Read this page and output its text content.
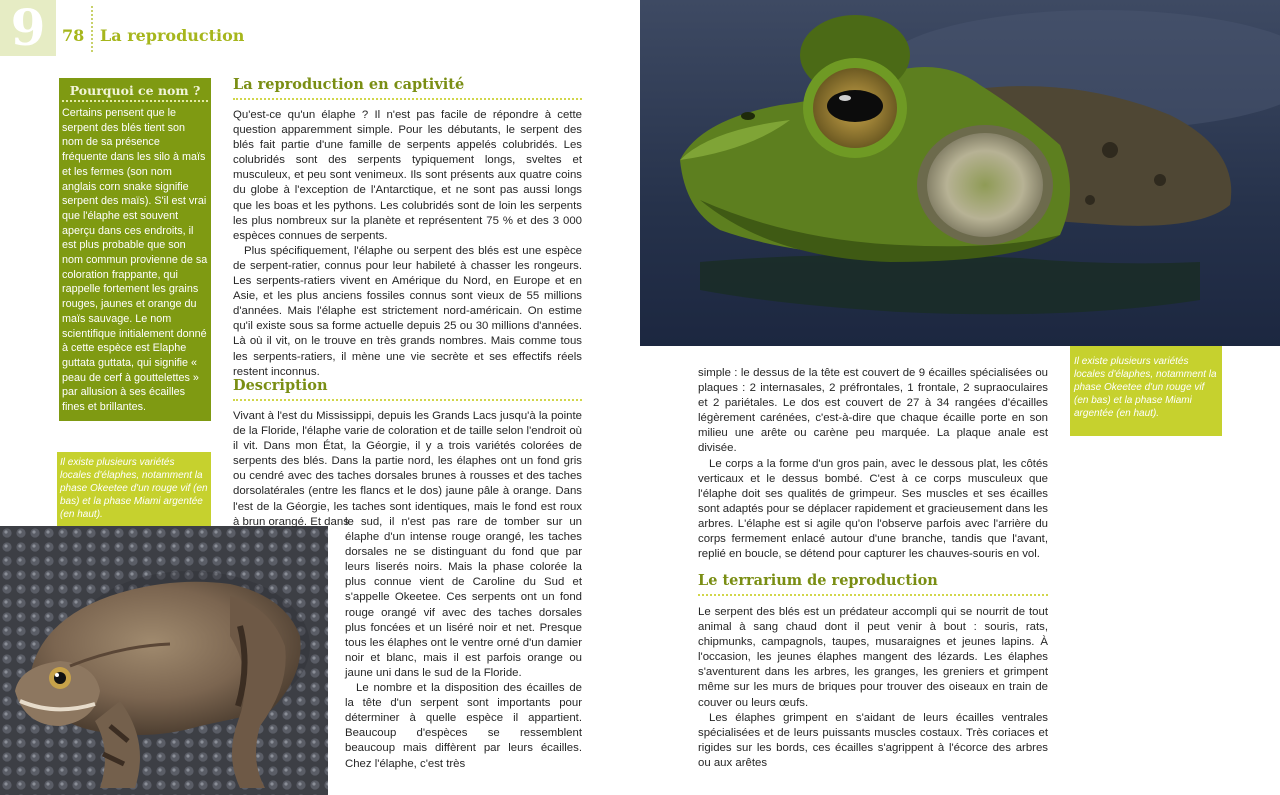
9	78 La reproduction
Pourquoi ce nom ?

Certains pensent que le serpent des blés tient son nom de sa présence fréquente dans les silo à maïs et les fermes (son nom anglais corn snake signifie serpent des maïs). S'il est vrai que l'élaphe est souvent aperçu dans ces endroits, il est plus probable que son nom commun provienne de sa coloration frappante, qui rappelle fortement les grains rouges, jaunes et orange du maïs sauvage. Le nom scientifique initialement donné à cette espèce est Elaphe guttata guttata, qui signifie « peau de cerf à gouttelettes » par allusion à ses écailles fines et brillantes.

Il existe plusieurs variétés locales d'élaphes, notamment la phase Okeetee d'un rouge vif (en bas) et la phase Miami argentée (en haut).
Il existe plusieurs variétés locales d'élaphes, notamment la phase Okeetee d'un rouge vif (en bas) et la phase Miami argentée (en haut).
La reproduction en captivité

Qu'est-ce qu'un élaphe ? Il n'est pas facile de répondre à cette question apparemment simple. Pour les débutants, le serpent des blés fait partie d'une famille de serpents appelés colubridés. Les colubridés sont des serpents typiquement longs, sveltes et musculeux, et peu sont venimeux. Ils sont présents aux quatre coins du globe à l'exception de l'Antarctique, et ne sont pas aussi longs que les boas et les pythons. Les colubridés sont de loin les serpents les plus nombreux sur la planète et représentent 75 % et des 3 000 espèces connues de serpents.

Plus spécifiquement, l'élaphe ou serpent des blés est une espèce de serpent-ratier, connus pour leur habileté à chasser les rongeurs. Les serpents-ratiers vivent en Amérique du Nord, en Europe et en Asie, et les plus anciens fossiles connus sont vieux de 55 millions d'années. Mais l'élaphe est strictement nord-américain. On estime qu'il existe sous sa forme actuelle depuis 25 ou 30 millions d'années. Là où il vit, on le trouve en très grands nombres. Mais comme tous les serpents-ratiers, il mène une vie secrète et ses effectifs réels restent inconnus.

Description

Vivant à l'est du Mississippi, depuis les Grands Lacs jusqu'à la pointe de la Floride, l'élaphe varie de coloration et de taille selon l'endroit où il vit. Dans mon État, la Géorgie, il y a trois variétés colorées de serpents des blés. Dans la partie nord, les élaphes ont un fond gris ou cendré avec des taches dorsales brunes à rousses et des taches dorsolatérales (entre les flancs et le dos) jaune pâle à orange. Dans l'est de la Géorgie, les taches sont identiques, mais le fond est roux à brun orangé. Et dans

le sud, il n'est pas rare de tomber sur un élaphe d'un intense rouge orangé, les taches dorsales ne se distinguant du fond que par leurs liserés noirs. Mais la phase colorée la plus connue vient de Caroline du Sud et s'appelle Okeetee. Ces serpents ont un fond rouge orangé vif avec des taches dorsales plus foncées et un liséré noir et net. Presque tous les élaphes ont le ventre orné d'un damier noir et blanc, mais il est parfois orange ou jaune uni dans le sud de la Floride.

Le nombre et la disposition des écailles de la tête d'un serpent sont importants pour déterminer à quelle espèce il appartient. Beaucoup d'espèces se ressemblent beaucoup mais diffèrent par leurs écailles. Chez l'élaphe, c'est très

simple : le dessus de la tête est couvert de 9 écailles spécialisées ou plaques : 2 internasales, 2 préfrontales, 1 frontale, 2 supraoculaires et 2 pariétales. Le dos est couvert de 27 à 34 rangées d'écailles légèrement carénées, c'est-à-dire que chaque écaille porte en son milieu une arête ou carène peu marquée. La plaque anale est divisée.

Le corps a la forme d'un gros pain, avec le dessous plat, les côtés verticaux et le dessus bombé. C'est à ce corps musculeux que l'élaphe doit ses qualités de grimpeur. Ses muscles et ses écailles sont adaptés pour se déplacer rapidement et gracieusement dans les arbres. L'élaphe est si agile qu'on l'observe parfois avec l'arrière du corps fermement enlacé autour d'une branche, tandis que l'avant, replié en boucle, se détend pour capturer les chauves-souris en vol.

Le terrarium de reproduction

Le serpent des blés est un prédateur accompli qui se nourrit de tout animal à sang chaud dont il peut venir à bout : souris, rats, chipmunks, campagnols, taupes, musaraignes et jeunes lapins. À l'occasion, les jeunes élaphes mangent des lézards. Les élaphes s'aventurent dans les arbres, les granges, les greniers et grimpent même sur les murs de briques pour trouver des oiseaux en train de couver ou leurs œufs.

Les élaphes grimpent en s'aidant de leurs écailles ventrales spécialisées et de leurs puissants muscles costaux. Très coriaces et rigides sur les bords, ces écailles s'agrippent à l'écorce des arbres ou aux arêtes
